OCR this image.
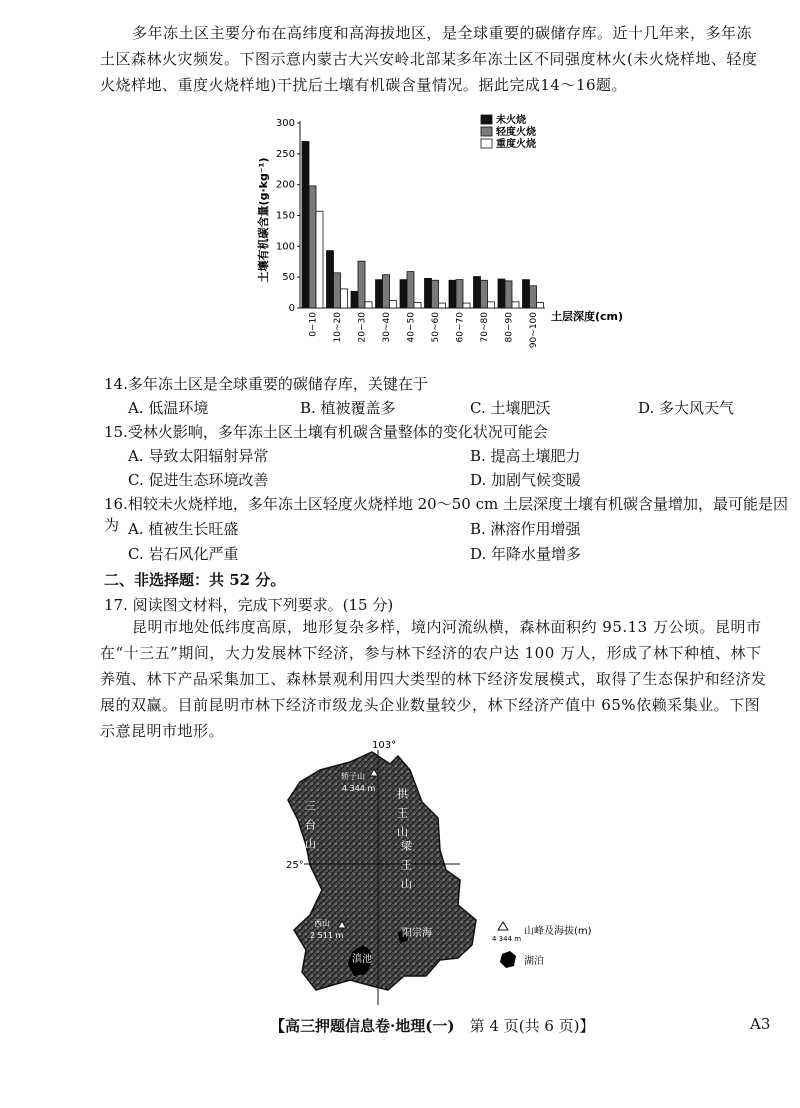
多年冻土区主要分布在高纬度和高海拔地区，是全球重要的碳储存库。近十几年来，多年冻土区森林火灾频发。下图示意内蒙古大兴安岭北部某多年冻土区不同强度林火(未火烧样地、轻度火烧样地、重度火烧样地)干扰后土壤有机碳含量情况。据此完成14～16题。

0
50
100
150
200
250
300
0~10 10~20 20~30 30~40 40~50 50~60 60~70 70~80 80~90 90~100
未火烧
轻度火烧
重度火烧
土壤有机碳含量(g·kg⁻¹)
土层深度(cm)
14.多年冻土区是全球重要的碳储存库，关键在于
A. 低温环境	B. 植被覆盖多	C. 土壤肥沃	D. 多大风天气
15.受林火影响，多年冻土区土壤有机碳含量整体的变化状况可能会
A. 导致太阳辐射异常	B. 提高土壤肥力
C. 促进生态环境改善	D. 加剧气候变暖
16.相较未火烧样地，多年冻土区轻度火烧样地 20～50 cm 土层深度土壤有机碳含量增加，最可能是因为 A. 植被生长旺盛	B. 淋溶作用增强
C. 岩石风化严重	D. 年降水量增多
二、非选择题：共 52 分。
17. 阅读图文材料，完成下列要求。(15 分)

昆明市地处低纬度高原，地形复杂多样，境内河流纵横，森林面积约 95.13 万公顷。昆明市在“十三五”期间，大力发展林下经济，参与林下经济的农户达 100 万人，形成了林下种植、林下养殖、林下产品采集加工、森林景观利用四大类型的林下经济发展模式，取得了生态保护和经济发展的双赢。目前昆明市林下经济市级龙头企业数量较少，林下经济产值中 65%依赖采集业。下图示意昆明市地形。

103°
25°
轿子山
4 344 m
西山
2 511 m
滇池
阳宗海
拱王山
梁王山
三台山
4 344 m
山峰及海拔(m)
湖泊
【高三押题信息卷·地理(一) 第 4 页(共 6 页)】	A3
